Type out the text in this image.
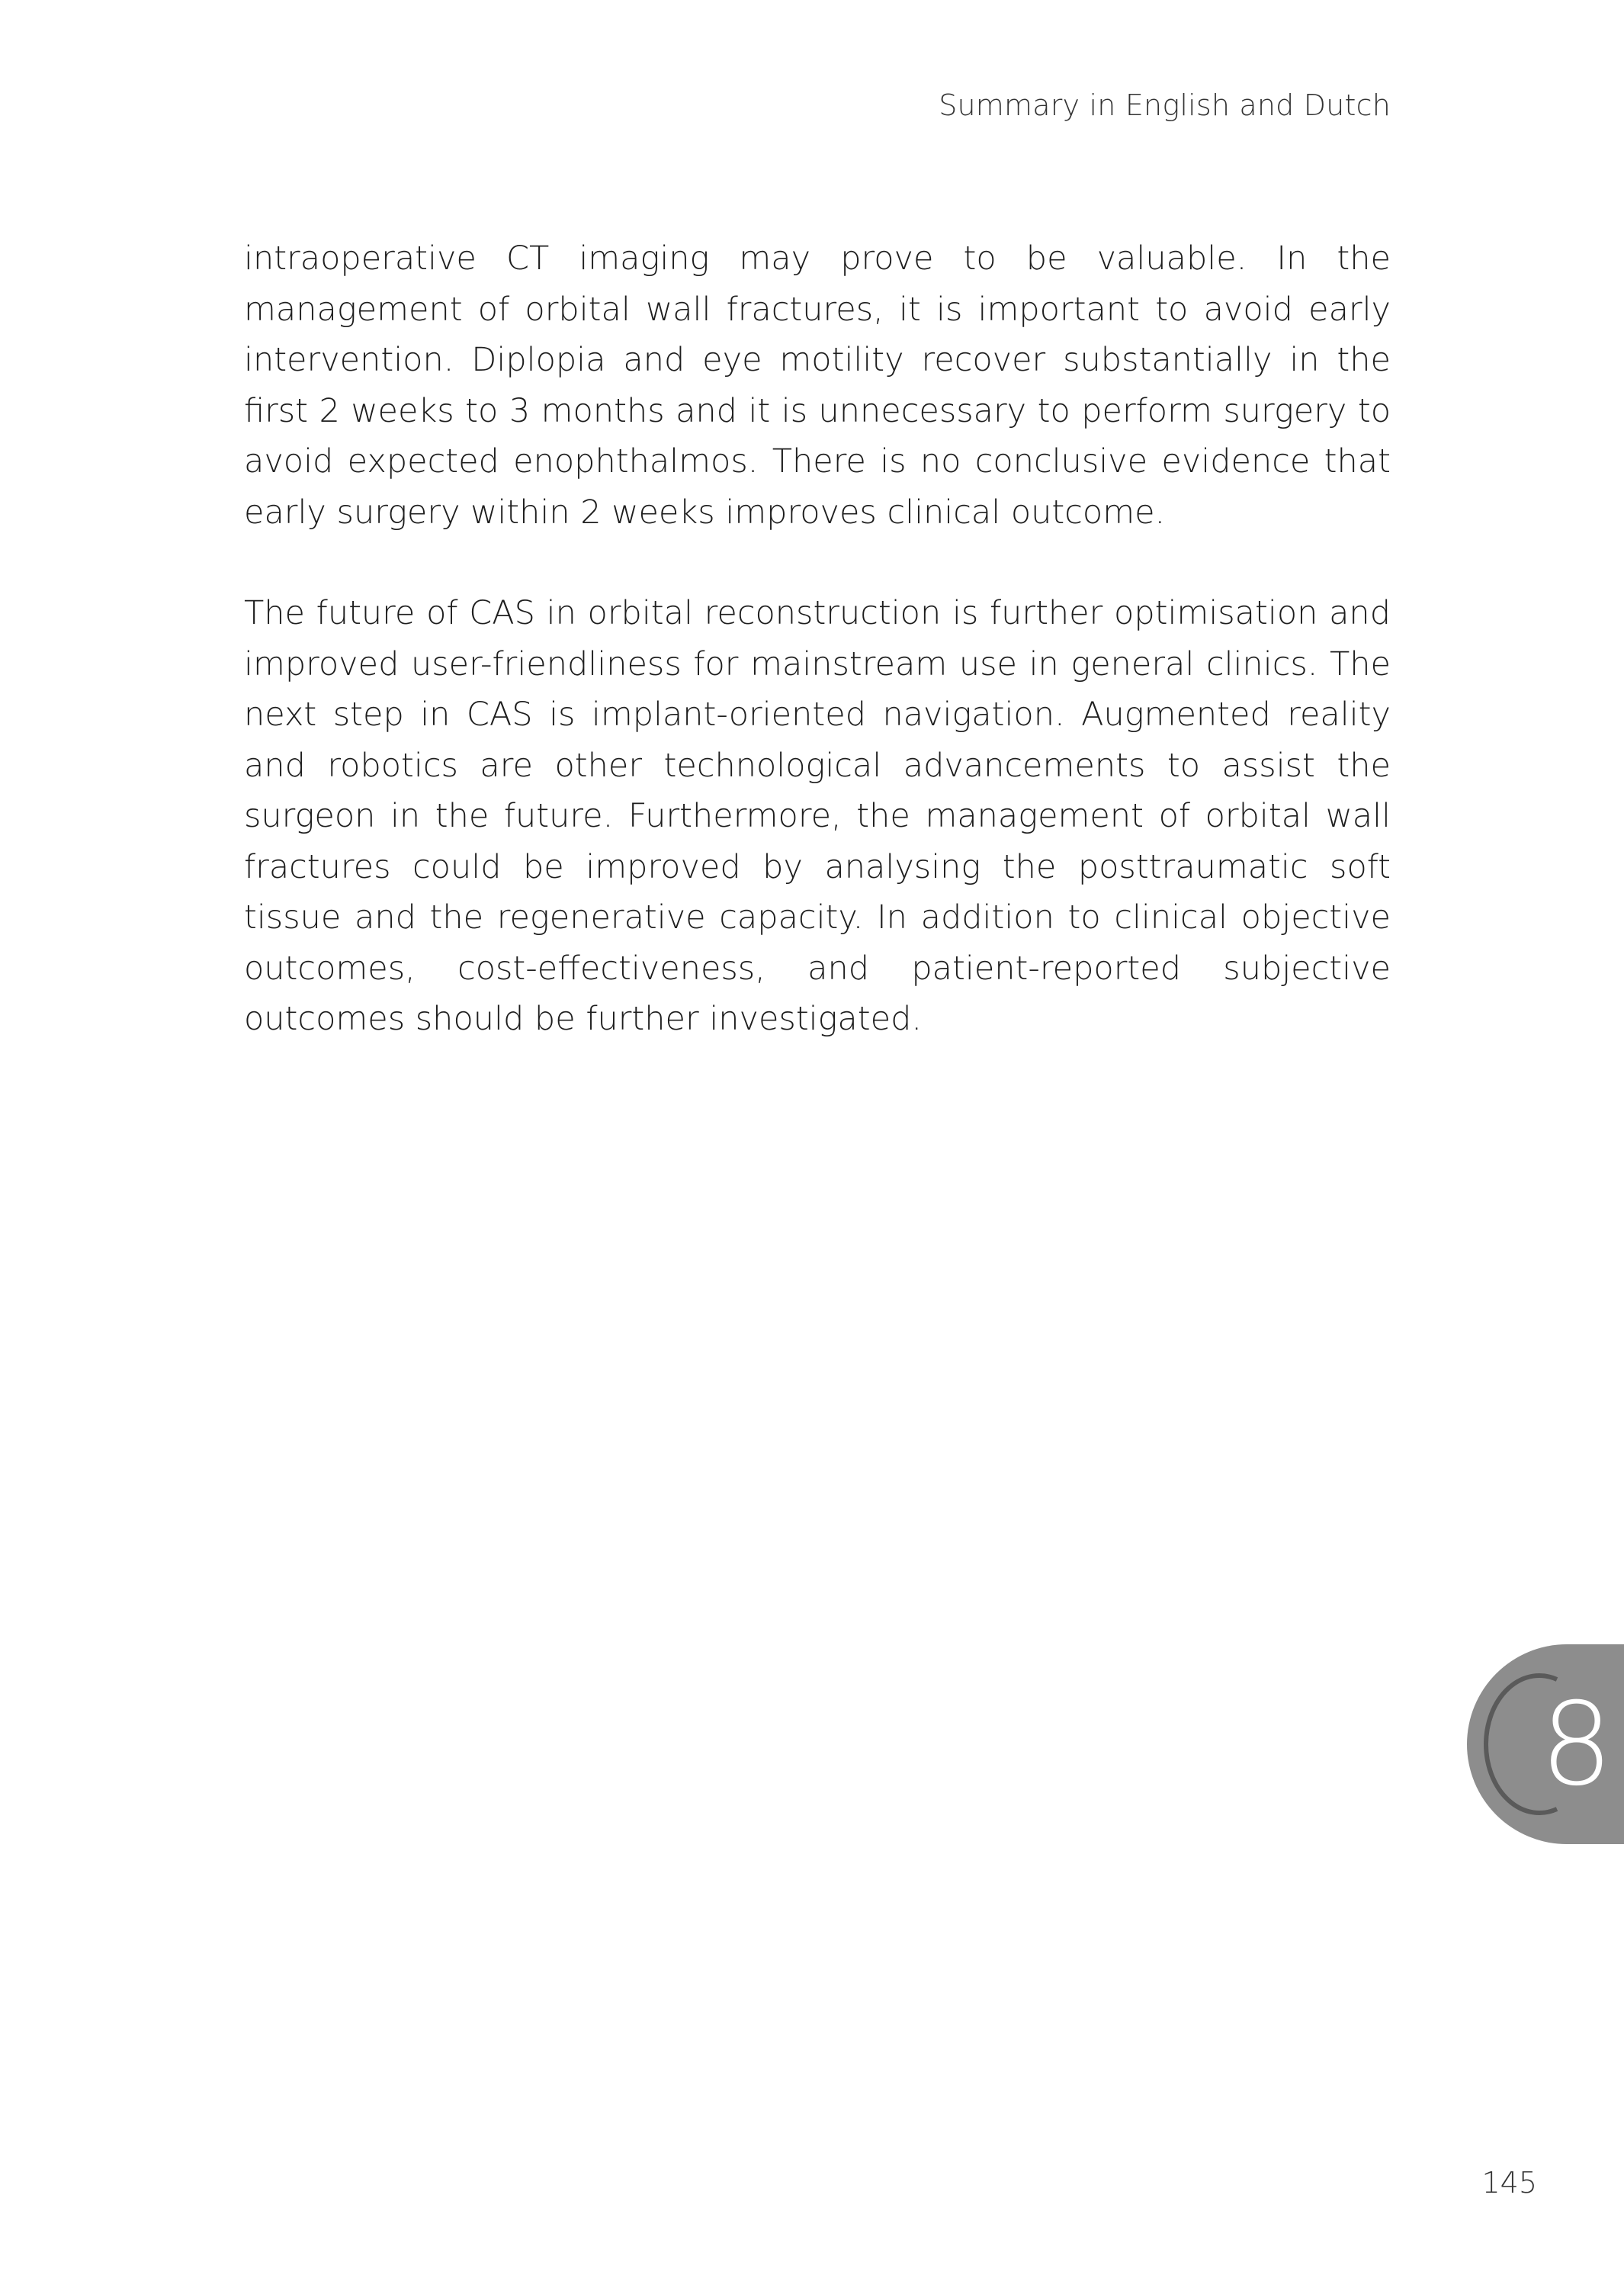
Summary in English and Dutch

intraoperative CT imaging may prove to be valuable. In the management of orbital wall fractures, it is important to avoid early intervention. Diplopia and eye motility recover substantially in the first 2 weeks to 3 months and it is unnecessary to perform surgery to avoid expected enophthalmos. There is no conclusive evidence that early surgery within 2 weeks improves clinical outcome.

The future of CAS in orbital reconstruction is further optimisation and improved user-friendliness for mainstream use in general clinics. The next step in CAS is implant-oriented navigation. Augmented reality and robotics are other technological advancements to assist the surgeon in the future. Furthermore, the management of orbital wall fractures could be improved by analysing the posttraumatic soft tissue and the regenerative capacity. In addition to clinical objective outcomes, cost-effectiveness, and patient-reported subjective outcomes should be further investigated.

8
145
